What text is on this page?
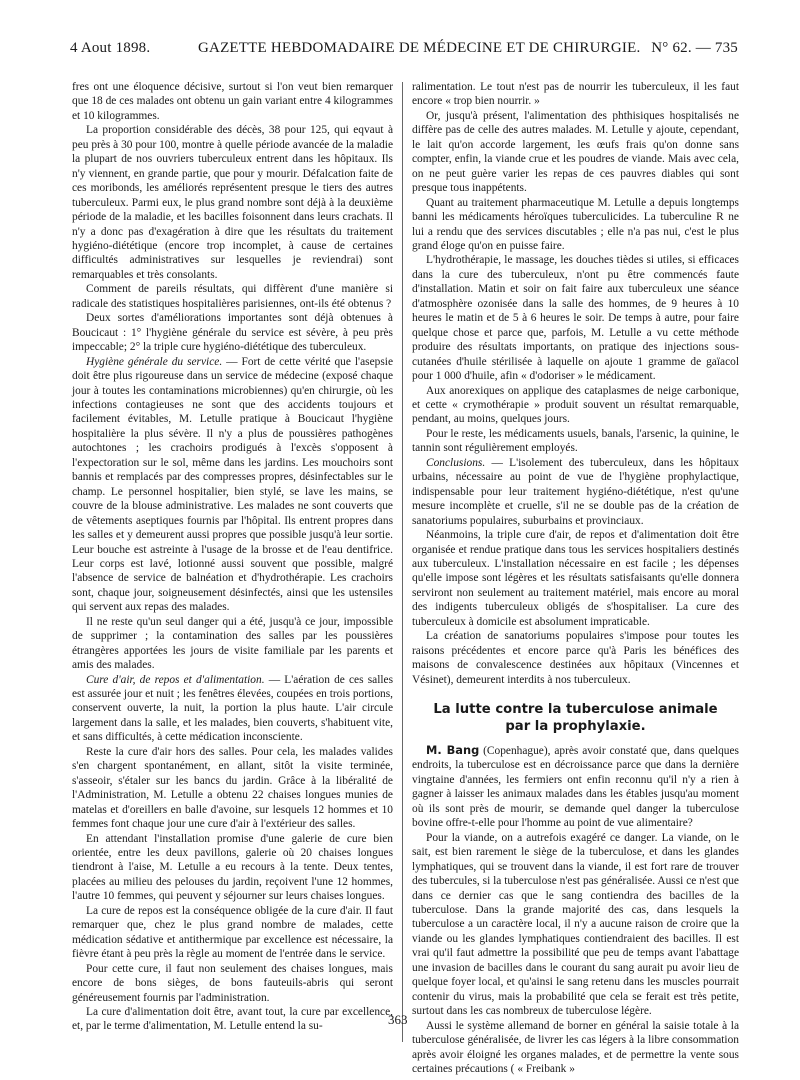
4 Aout 1898.	GAZETTE HEBDOMADAIRE DE MÉDECINE ET DE CHIRURGIE. N° 62. — 735

fres ont une éloquence décisive, surtout si l'on veut bien remarquer que 18 de ces malades ont obtenu un gain variant entre 4 kilogrammes et 10 kilogrammes.

La proportion considérable des décès, 38 pour 125, qui eqvaut à peu près à 30 pour 100, montre à quelle période avancée de la maladie la plupart de nos ouvriers tuberculeux entrent dans les hôpitaux. Ils n'y viennent, en grande partie, que pour y mourir. Défalcation faite de ces moribonds, les améliorés représentent presque le tiers des autres tuberculeux. Parmi eux, le plus grand nombre sont déjà à la deuxième période de la maladie, et les bacilles foisonnent dans leurs crachats. Il n'y a donc pas d'exagération à dire que les résultats du traitement hygiéno-diététique (encore trop incomplet, à cause de certaines difficultés administratives sur lesquelles je reviendrai) sont remarquables et très consolants.

Comment de pareils résultats, qui diffèrent d'une manière si radicale des statistiques hospitalières parisiennes, ont-ils été obtenus ?

Deux sortes d'améliorations importantes sont déjà obtenues à Boucicaut : 1° l'hygiène générale du service est sévère, à peu près impeccable; 2° la triple cure hygiéno-diététique des tuberculeux.

Hygiène générale du service. — Fort de cette vérité que l'asepsie doit être plus rigoureuse dans un service de médecine (exposé chaque jour à toutes les contaminations microbiennes) qu'en chirurgie, où les infections contagieuses ne sont que des accidents toujours et facilement évitables, M. Letulle pratique à Boucicaut l'hygiène hospitalière la plus sévère. Il n'y a plus de poussières pathogènes autochtones ; les crachoirs prodigués à l'excès s'opposent à l'expectoration sur le sol, même dans les jardins. Les mouchoirs sont bannis et remplacés par des compresses propres, désinfectables sur le champ. Le personnel hospitalier, bien stylé, se lave les mains, se couvre de la blouse administrative. Les malades ne sont couverts que de vêtements aseptiques fournis par l'hôpital. Ils entrent propres dans les salles et y demeurent aussi propres que possible jusqu'à leur sortie. Leur bouche est astreinte à l'usage de la brosse et de l'eau dentifrice. Leur corps est lavé, lotionné aussi souvent que possible, malgré l'absence de service de balnéation et d'hydrothérapie. Les crachoirs sont, chaque jour, soigneusement désinfectés, ainsi que les ustensiles qui servent aux repas des malades.

Il ne reste qu'un seul danger qui a été, jusqu'à ce jour, impossible de supprimer ; la contamination des salles par les poussières étrangères apportées les jours de visite familiale par les parents et amis des malades.

Cure d'air, de repos et d'alimentation. — L'aération de ces salles est assurée jour et nuit ; les fenêtres élevées, coupées en trois portions, conservent ouverte, la nuit, la portion la plus haute. L'air circule largement dans la salle, et les malades, bien couverts, s'habituent vite, et sans difficultés, à cette médication inconsciente.

Reste la cure d'air hors des salles. Pour cela, les malades valides s'en chargent spontanément, en allant, sitôt la visite terminée, s'asseoir, s'étaler sur les bancs du jardin. Grâce à la libéralité de l'Administration, M. Letulle a obtenu 22 chaises longues munies de matelas et d'oreillers en balle d'avoine, sur lesquels 12 hommes et 10 femmes font chaque jour une cure d'air à l'extérieur des salles.

En attendant l'installation promise d'une galerie de cure bien orientée, entre les deux pavillons, galerie où 20 chaises longues tiendront à l'aise, M. Letulle a eu recours à la tente. Deux tentes, placées au milieu des pelouses du jardin, reçoivent l'une 12 hommes, l'autre 10 femmes, qui peuvent y séjourner sur leurs chaises longues.

La cure de repos est la conséquence obligée de la cure d'air. Il faut remarquer que, chez le plus grand nombre de malades, cette médication sédative et antithermique par excellence est nécessaire, la fièvre étant à peu près la règle au moment de l'entrée dans le service.

Pour cette cure, il faut non seulement des chaises longues, mais encore de bons sièges, de bons fauteuils-abris qui seront généreusement fournis par l'administration.

La cure d'alimentation doit être, avant tout, la cure par excellence, et, par le terme d'alimentation, M. Letulle entend la su-

ralimentation. Le tout n'est pas de nourrir les tuberculeux, il les faut encore « trop bien nourrir. »

Or, jusqu'à présent, l'alimentation des phthisiques hospitalisés ne diffère pas de celle des autres malades. M. Letulle y ajoute, cependant, le lait qu'on accorde largement, les œufs frais qu'on donne sans compter, enfin, la viande crue et les poudres de viande. Mais avec cela, on ne peut guère varier les repas de ces pauvres diables qui sont presque tous inappétents.

Quant au traitement pharmaceutique M. Letulle a depuis longtemps banni les médicaments héroïques tuberculicides. La tuberculine R ne lui a rendu que des services discutables ; elle n'a pas nui, c'est le plus grand éloge qu'on en puisse faire.

L'hydrothérapie, le massage, les douches tièdes si utiles, si efficaces dans la cure des tuberculeux, n'ont pu être commencés faute d'installation. Matin et soir on fait faire aux tuberculeux une séance d'atmosphère ozonisée dans la salle des hommes, de 9 heures à 10 heures le matin et de 5 à 6 heures le soir. De temps à autre, pour faire quelque chose et parce que, parfois, M. Letulle a vu cette méthode produire des résultats importants, on pratique des injections sous-cutanées d'huile stérilisée à laquelle on ajoute 1 gramme de gaïacol pour 1 000 d'huile, afin « d'odoriser » le médicament.

Aux anorexiques on applique des cataplasmes de neige carbonique, et cette « crymothérapie » produit souvent un résultat remarquable, pendant, au moins, quelques jours.

Pour le reste, les médicaments usuels, banals, l'arsenic, la quinine, le tannin sont régulièrement employés.

Conclusions. — L'isolement des tuberculeux, dans les hôpitaux urbains, nécessaire au point de vue de l'hygiène prophylactique, indispensable pour leur traitement hygiéno-diététique, n'est qu'une mesure incomplète et cruelle, s'il ne se double pas de la création de sanatoriums populaires, suburbains et provinciaux.

Néanmoins, la triple cure d'air, de repos et d'alimentation doit être organisée et rendue pratique dans tous les services hospitaliers destinés aux tuberculeux. L'installation nécessaire en est facile ; les dépenses qu'elle impose sont légères et les résultats satisfaisants qu'elle donnera serviront non seulement au traitement matériel, mais encore au moral des indigents tuberculeux obligés de s'hospitaliser. La cure des tuberculeux à domicile est absolument impraticable.

La création de sanatoriums populaires s'impose pour toutes les raisons précédentes et encore parce qu'à Paris les bénéfices des maisons de convalescence destinées aux hôpitaux (Vincennes et Vésinet), demeurent interdits à nos tuberculeux.

La lutte contre la tuberculose animale
par la prophylaxie.

M. Bang (Copenhague), après avoir constaté que, dans quelques endroits, la tuberculose est en décroissance parce que dans la dernière vingtaine d'années, les fermiers ont enfin reconnu qu'il n'y a rien à gagner à laisser les animaux malades dans les étables jusqu'au moment où ils sont près de mourir, se demande quel danger la tuberculose bovine offre-t-elle pour l'homme au point de vue alimentaire?

Pour la viande, on a autrefois exagéré ce danger. La viande, on le sait, est bien rarement le siège de la tuberculose, et dans les glandes lymphatiques, qui se trouvent dans la viande, il est fort rare de trouver des tubercules, si la tuberculose n'est pas généralisée. Aussi ce n'est que dans ce dernier cas que le sang contiendra des bacilles de la tuberculose. Dans la grande majorité des cas, dans lesquels la tuberculose a un caractère local, il n'y a aucune raison de croire que la viande ou les glandes lymphatiques contiendraient des bacilles. Il est vrai qu'il faut admettre la possibilité que peu de temps avant l'abattage une invasion de bacilles dans le courant du sang aurait pu avoir lieu de quelque foyer local, et qu'ainsi le sang retenu dans les muscles pourrait contenir du virus, mais la probabilité que cela se ferait est très petite, surtout dans les cas nombreux de tuberculose légère.

Aussi le système allemand de borner en général la saisie totale à la tuberculose généralisée, de livrer les cas légers à la libre consommation après avoir éloigné les organes malades, et de permettre la vente sous certaines précautions ( « Freibank »

363
